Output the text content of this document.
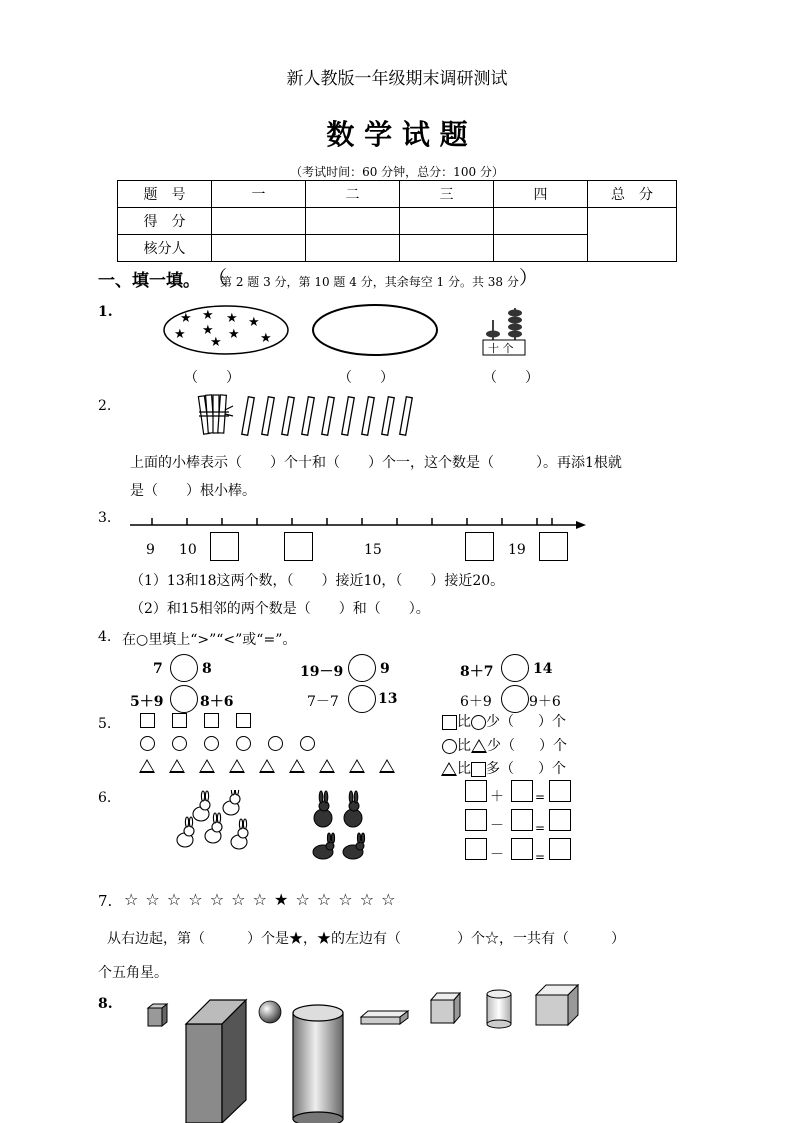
新人教版一年级期末调研测试
数 学 试 题
（考试时间：60 分钟，总分：100 分）
题　号	一	二	三	四	总　分
得　分					
核分人					
一、填一填。 （
第 2 题 3 分，第 10 题 4 分，其余每空 1 分。共 38 分 ）
1.	★ ★ ★ ★
★
★	★
★	★
十 个
（　　）	（　　）	（　　）
2.
上面的小棒表示（　　）个十和（　　）个一，这个数是（　　　）。再添1根就
是（　　）根小棒。
3.
9 10	15	19
（1）13和18这两个数，（　　）接近10，（　　）接近20。
（2）和15相邻的两个数是（　　）和（　　）。
4. 在○里填上“>”“<”或“=”。
7	8	19－9	9	8＋7	14
5＋9	8＋6	7－7	13	6＋9	9＋6
5.	比 少（ ）个
比 少（ ）个
比 多（ ）个
6.	＋	=
－	=
－	=
7. ☆ ☆ ☆ ☆ ☆ ☆ ☆ ★ ☆ ☆ ☆ ☆ ☆
从右边起，第（　　　）个是★，★的左边有（　　　　）个☆，一共有（　　　）
个五角星。
8.
